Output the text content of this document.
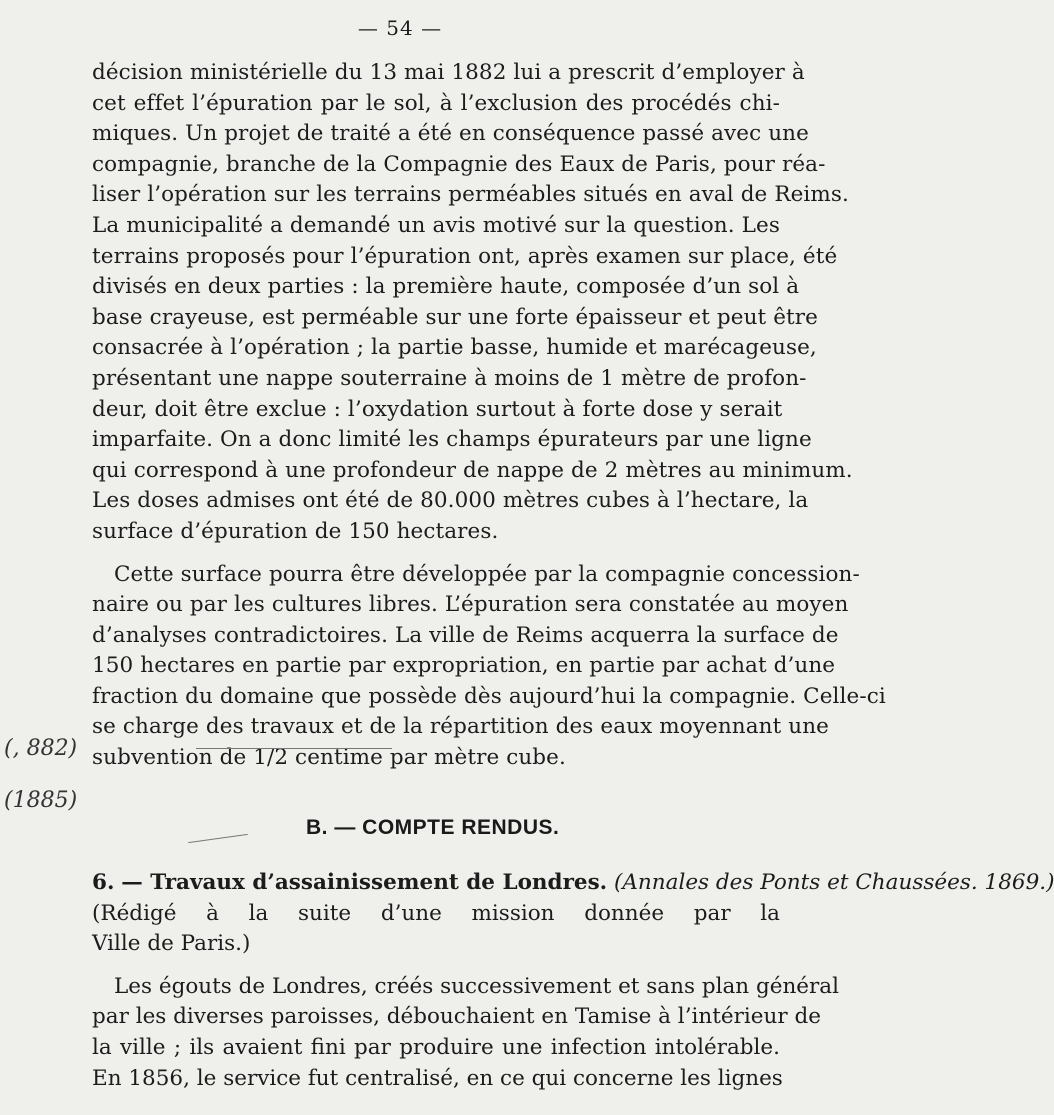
— 54 —
décision ministérielle du 13 mai 1882 lui a prescrit d’employer à
cet effet l’épuration par le sol, à l’exclusion des procédés chi-
miques. Un projet de traité a été en conséquence passé avec une
compagnie, branche de la Compagnie des Eaux de Paris, pour réa-
liser l’opération sur les terrains perméables situés en aval de Reims.
La municipalité a demandé un avis motivé sur la question. Les
terrains proposés pour l’épuration ont, après examen sur place, été
divisés en deux parties : la première haute, composée d’un sol à
base crayeuse, est perméable sur une forte épaisseur et peut être
consacrée à l’opération ; la partie basse, humide et marécageuse,
présentant une nappe souterraine à moins de 1 mètre de profon-
deur, doit être exclue : l’oxydation surtout à forte dose y serait
imparfaite. On a donc limité les champs épurateurs par une ligne
qui correspond à une profondeur de nappe de 2 mètres au minimum.
Les doses admises ont été de 80.000 mètres cubes à l’hectare, la
surface d’épuration de 150 hectares.
Cette surface pourra être développée par la compagnie concession-
naire ou par les cultures libres. L’épuration sera constatée au moyen
d’analyses contradictoires. La ville de Reims acquerra la surface de
150 hectares en partie par expropriation, en partie par achat d’une
fraction du domaine que possède dès aujourd’hui la compagnie. Celle-ci
se charge des travaux et de la répartition des eaux moyennant une
subvention de 1/2 centime par mètre cube.
(, 882)
(1885)
B. — COMPTE RENDUS.
6. — Travaux d’assainissement de Londres. (Annales des Ponts et Chaussées. 1869.)
(Rédigé à la suite d’une mission donnée par la
Ville de Paris.)
Les égouts de Londres, créés successivement et sans plan général
par les diverses paroisses, débouchaient en Tamise à l’intérieur de
la ville ; ils avaient fini par produire une infection intolérable.
En 1856, le service fut centralisé, en ce qui concerne les lignes
